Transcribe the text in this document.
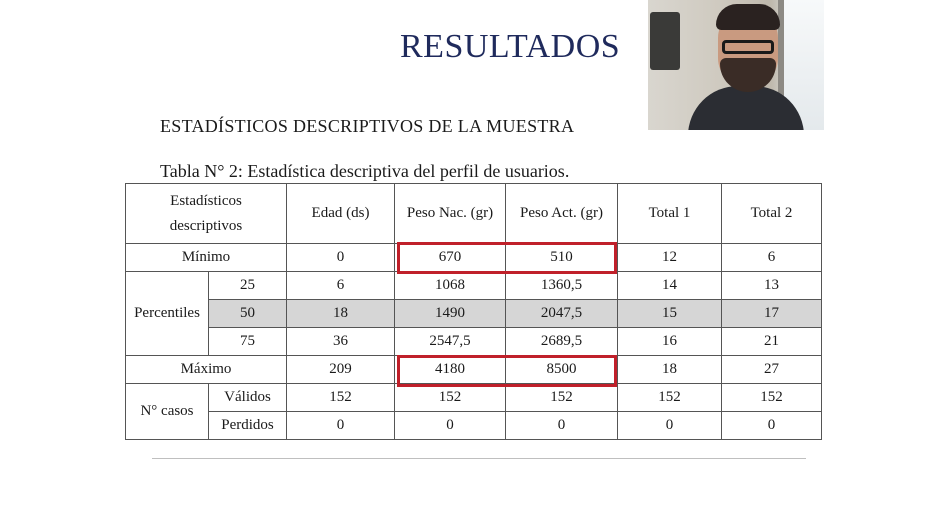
RESULTADOS
ESTADÍSTICOS DESCRIPTIVOS DE LA MUESTRA
Tabla N° 2: Estadística descriptiva del perfil de usuarios.
Estadísticos
descriptivos		Edad (ds)	Peso Nac. (gr)	Peso Act. (gr)	Total 1	Total 2
Mínimo		0	670	510	12	6
Percentiles	25	6	1068	1360,5	14	13
	50	18	1490	2047,5	15	17
	75	36	2547,5	2689,5	16	21
Máximo		209	4180	8500	18	27
N° casos	Válidos	152	152	152	152	152
	Perdidos	0	0	0	0	0
